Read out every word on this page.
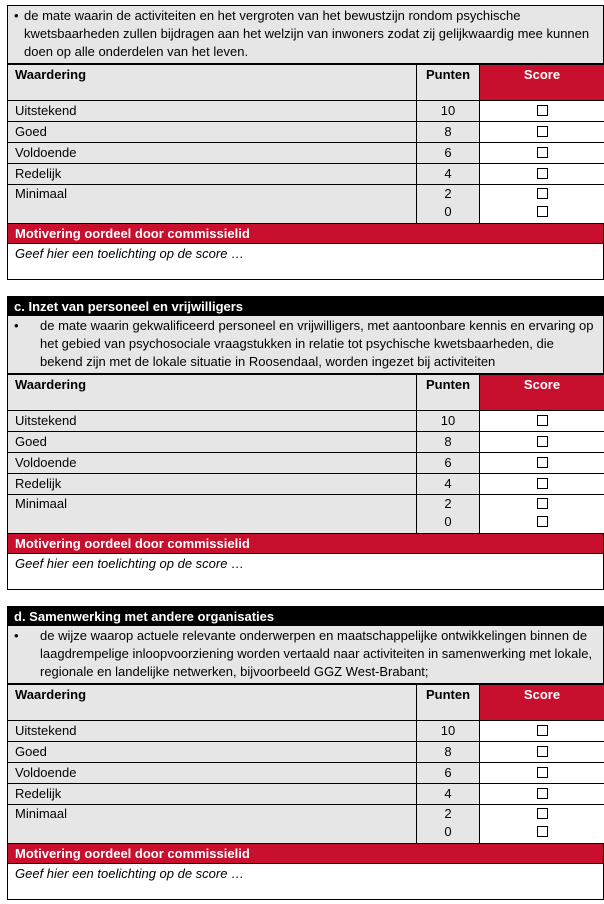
• de mate waarin de activiteiten en het vergroten van het bewustzijn rondom psychische kwetsbaarheden zullen bijdragen aan het welzijn van inwoners zodat zij gelijkwaardig mee kunnen doen op alle onderdelen van het leven.
Waardering	Punten	Score
Uitstekend	10	
Goed	8	
Voldoende	6	
Redelijk	4	
Minimaal	2
0	

Motivering oordeel door commissielid
Geef hier een toelichting op de score …
c. Inzet van personeel en vrijwilligers
•	de mate waarin gekwalificeerd personeel en vrijwilligers, met aantoonbare kennis en ervaring op het gebied van psychosociale vraagstukken in relatie tot psychische kwetsbaarheden, die bekend zijn met de lokale situatie in Roosendaal, worden ingezet bij activiteiten
Waardering	Punten	Score
Uitstekend	10	
Goed	8	
Voldoende	6	
Redelijk	4	
Minimaal	2
0	

Motivering oordeel door commissielid
Geef hier een toelichting op de score …
d. Samenwerking met andere organisaties
•	de wijze waarop actuele relevante onderwerpen en maatschappelijke ontwikkelingen binnen de laagdrempelige inloopvoorziening worden vertaald naar activiteiten in samenwerking met lokale, regionale en landelijke netwerken, bijvoorbeeld GGZ West-Brabant;
Waardering	Punten	Score
Uitstekend	10	
Goed	8	
Voldoende	6	
Redelijk	4	
Minimaal	2
0	

Motivering oordeel door commissielid
Geef hier een toelichting op de score …
